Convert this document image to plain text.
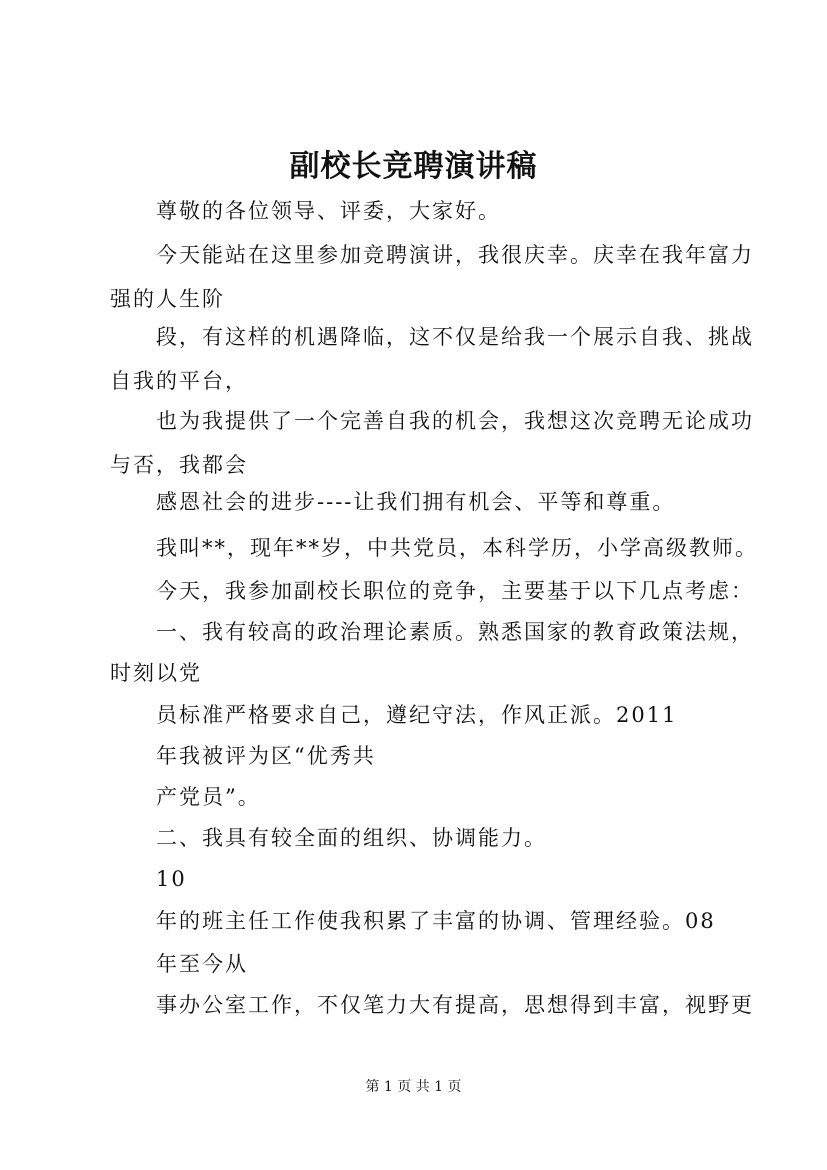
副校长竞聘演讲稿
尊敬的各位领导、评委，大家好。
今天能站在这里参加竞聘演讲，我很庆幸。庆幸在我年富力
强的人生阶
段，有这样的机遇降临，这不仅是给我一个展示自我、挑战
自我的平台，
也为我提供了一个完善自我的机会，我想这次竞聘无论成功
与否，我都会
感恩社会的进步----让我们拥有机会、平等和尊重。
我叫**，现年**岁，中共党员，本科学历，小学高级教师。
今天，我参加副校长职位的竞争，主要基于以下几点考虑：
一、我有较高的政治理论素质。熟悉国家的教育政策法规，
时刻以党
员标准严格要求自己，遵纪守法，作风正派。2011
年我被评为区“优秀共
产党员”。
二、我具有较全面的组织、协调能力。
10
年的班主任工作使我积累了丰富的协调、管理经验。08
年至今从
事办公室工作，不仅笔力大有提高，思想得到丰富，视野更
第 1 页 共 1 页
